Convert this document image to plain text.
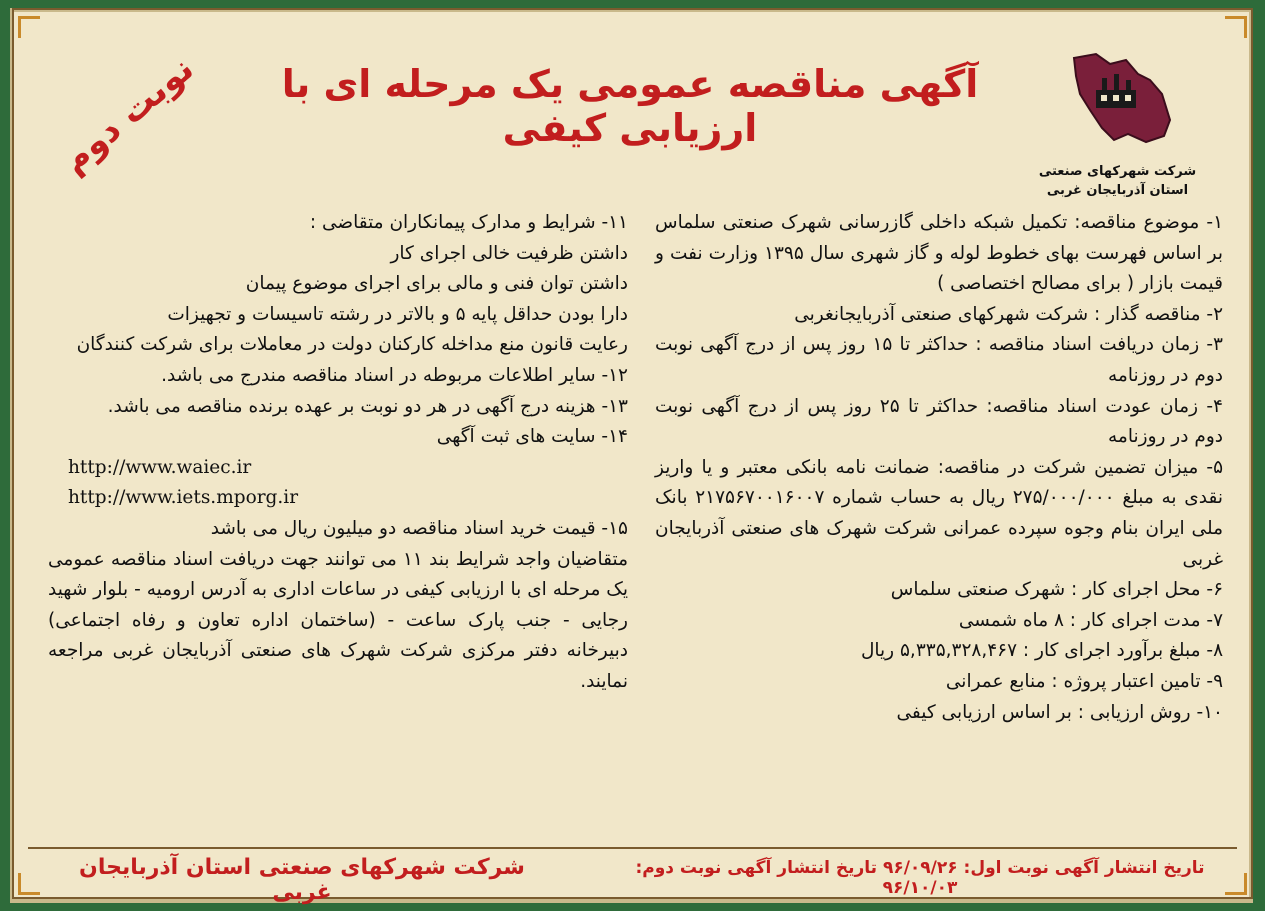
آگهی مناقصه عمومی یک مرحله ای با ارزیابی کیفی
نوبت دوم	شرکت شهرکهای صنعتی
استان آذربایجان غربی

۱- موضوع مناقصه: تکمیل شبکه داخلی گازرسانی شهرک صنعتی سلماس بر اساس فهرست بهای خطوط لوله و گاز شهری سال ۱۳۹۵ وزارت نفت و قیمت بازار ( برای مصالح اختصاصی )

۲- مناقصه گذار : شرکت شهرکهای صنعتی آذربایجانغربی

۳- زمان دریافت اسناد مناقصه : حداکثر تا ۱۵ روز پس از درج آگهی نوبت دوم در روزنامه

۴- زمان عودت اسناد مناقصه: حداکثر تا ۲۵ روز پس از درج آگهی نوبت دوم در روزنامه

۵- میزان تضمین شرکت در مناقصه: ضمانت نامه بانکی معتبر و یا واریز نقدی به مبلغ ۲۷۵/۰۰۰/۰۰۰ ریال به حساب شماره ۲۱۷۵۶۷۰۰۱۶۰۰۷ بانک ملی ایران بنام وجوه سپرده عمرانی شرکت شهرک های صنعتی آذربایجان غربی

۶- محل اجرای کار : شهرک صنعتی سلماس

۷- مدت اجرای کار : ۸ ماه شمسی

۸- مبلغ برآورد اجرای کار : ۵,۳۳۵,۳۲۸,۴۶۷ ریال

۹- تامین اعتبار پروژه : منابع عمرانی

۱۰- روش ارزیابی : بر اساس ارزیابی کیفی

۱۱- شرایط و مدارک پیمانکاران متقاضی :

داشتن ظرفیت خالی اجرای کار

داشتن توان فنی و مالی برای اجرای موضوع پیمان

دارا بودن حداقل پایه ۵ و بالاتر در رشته تاسیسات و تجهیزات

رعایت قانون منع مداخله کارکنان دولت در معاملات برای شرکت کنندگان

۱۲- سایر اطلاعات مربوطه در اسناد مناقصه مندرج می باشد.

۱۳- هزینه درج آگهی در هر دو نوبت بر عهده برنده مناقصه می باشد.

۱۴- سایت های ثبت آگهی

http://www.waiec.ir

http://www.iets.mporg.ir

۱۵- قیمت خرید اسناد مناقصه دو میلیون ریال می باشد

متقاضیان واجد شرایط بند ۱۱ می توانند جهت دریافت اسناد مناقصه عمومی یک مرحله ای با ارزیابی کیفی در ساعات اداری به آدرس ارومیه - بلوار شهید رجایی - جنب پارک ساعت - (ساختمان اداره تعاون و رفاه اجتماعی) دبیرخانه دفتر مرکزی شرکت شهرک های صنعتی آذربایجان غربی مراجعه نمایند.

شرکت شهرکهای صنعتی استان آذربایجان غربی
تاریخ انتشار آگهی نوبت اول: ۹۶/۰۹/۲۶ تاریخ انتشار آگهی نوبت دوم: ۹۶/۱۰/۰۳
